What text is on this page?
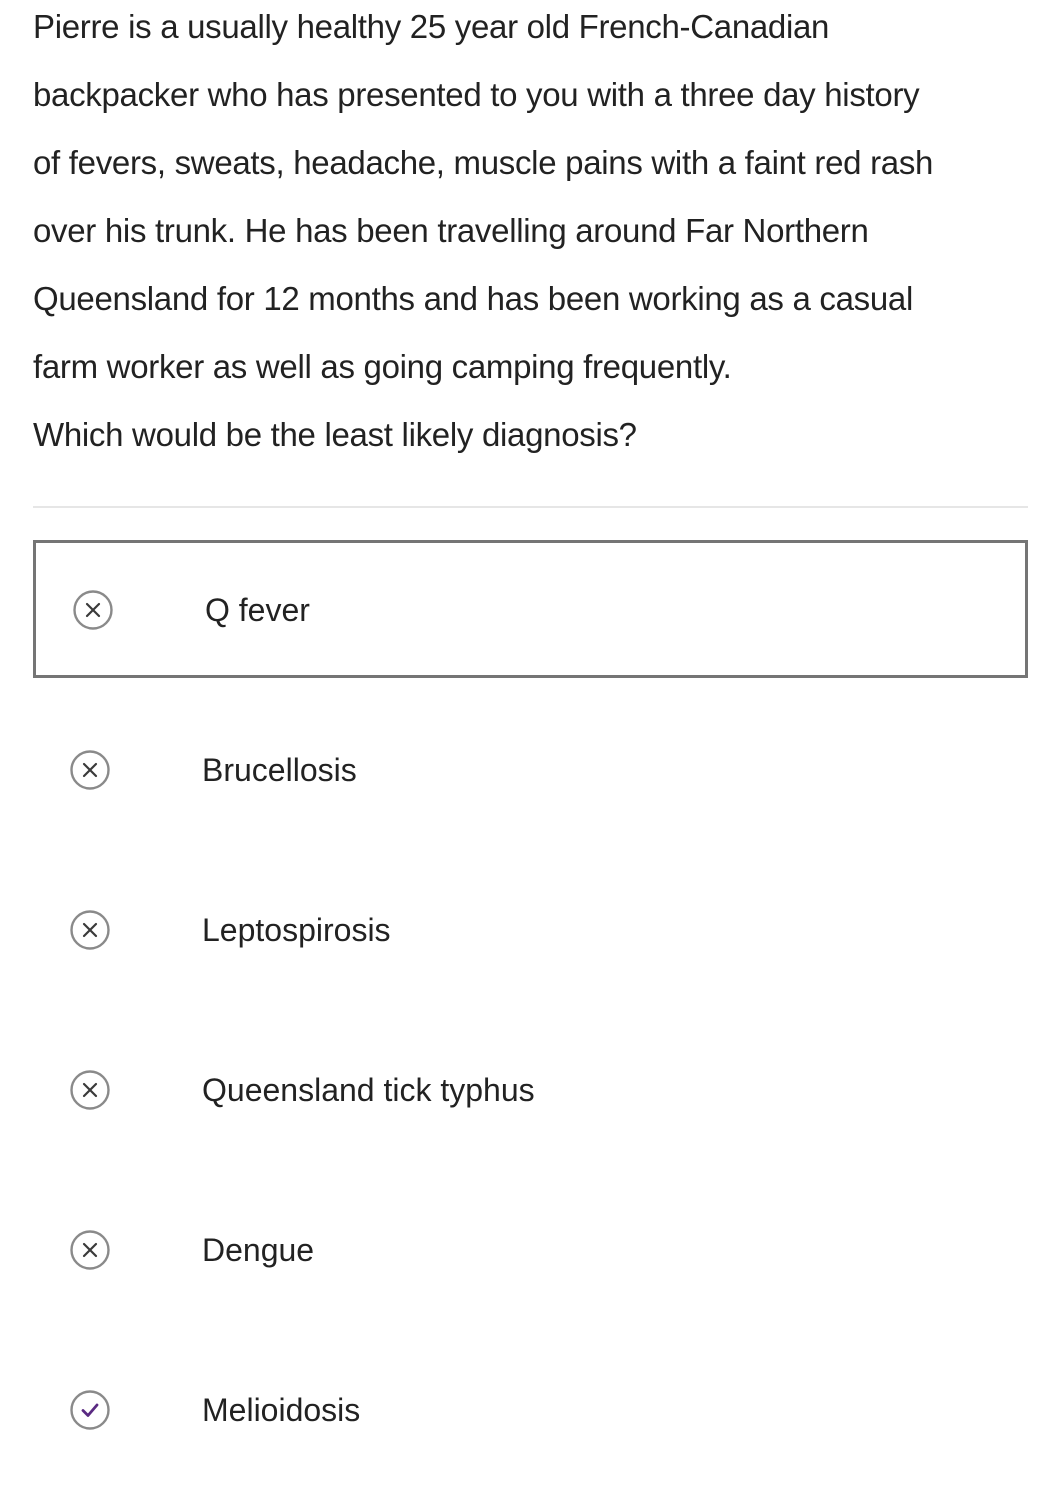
Pierre is a usually healthy 25 year old French-Canadian
backpacker who has presented to you with a three day history
of fevers, sweats, headache, muscle pains with a faint red rash
over his trunk. He has been travelling around Far Northern
Queensland for 12 months and has been working as a casual
farm worker as well as going camping frequently.
Which would be the least likely diagnosis?
Q fever
Brucellosis
Leptospirosis
Queensland tick typhus
Dengue
Melioidosis
